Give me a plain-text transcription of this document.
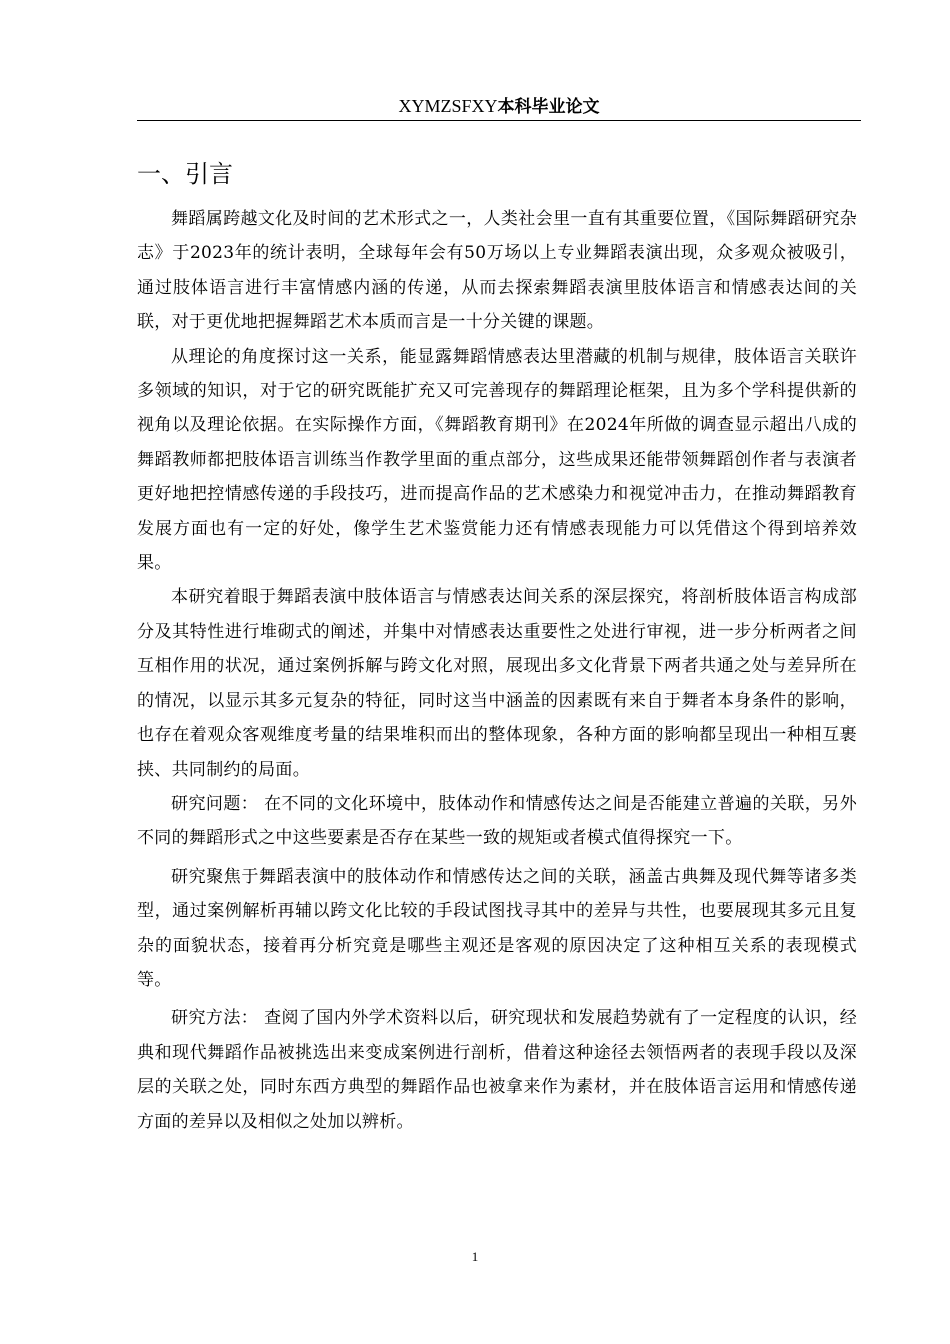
XYMZSFXY本科毕业论文
一、引言

舞蹈属跨越文化及时间的艺术形式之一，人类社会里一直有其重要位置，《国际舞蹈研究杂志》于2023年的统计表明，全球每年会有50万场以上专业舞蹈表演出现，众多观众被吸引，通过肢体语言进行丰富情感内涵的传递，从而去探索舞蹈表演里肢体语言和情感表达间的关联，对于更优地把握舞蹈艺术本质而言是一十分关键的课题。

从理论的角度探讨这一关系，能显露舞蹈情感表达里潜藏的机制与规律，肢体语言关联许多领域的知识，对于它的研究既能扩充又可完善现存的舞蹈理论框架，且为多个学科提供新的视角以及理论依据。在实际操作方面，《舞蹈教育期刊》在2024年所做的调查显示超出八成的舞蹈教师都把肢体语言训练当作教学里面的重点部分，这些成果还能带领舞蹈创作者与表演者更好地把控情感传递的手段技巧，进而提高作品的艺术感染力和视觉冲击力，在推动舞蹈教育发展方面也有一定的好处，像学生艺术鉴赏能力还有情感表现能力可以凭借这个得到培养效果。

本研究着眼于舞蹈表演中肢体语言与情感表达间关系的深层探究，将剖析肢体语言构成部分及其特性进行堆砌式的阐述，并集中对情感表达重要性之处进行审视，进一步分析两者之间互相作用的状况，通过案例拆解与跨文化对照，展现出多文化背景下两者共通之处与差异所在的情况，以显示其多元复杂的特征，同时这当中涵盖的因素既有来自于舞者本身条件的影响，也存在着观众客观维度考量的结果堆积而出的整体现象，各种方面的影响都呈现出一种相互裹挟、共同制约的局面。

研究问题： 在不同的文化环境中，肢体动作和情感传达之间是否能建立普遍的关联，另外不同的舞蹈形式之中这些要素是否存在某些一致的规矩或者模式值得探究一下。

研究聚焦于舞蹈表演中的肢体动作和情感传达之间的关联，涵盖古典舞及现代舞等诸多类型，通过案例解析再辅以跨文化比较的手段试图找寻其中的差异与共性，也要展现其多元且复杂的面貌状态，接着再分析究竟是哪些主观还是客观的原因决定了这种相互关系的表现模式等。

研究方法： 查阅了国内外学术资料以后，研究现状和发展趋势就有了一定程度的认识，经典和现代舞蹈作品被挑选出来变成案例进行剖析，借着这种途径去领悟两者的表现手段以及深层的关联之处，同时东西方典型的舞蹈作品也被拿来作为素材，并在肢体语言运用和情感传递方面的差异以及相似之处加以辨析。

1
